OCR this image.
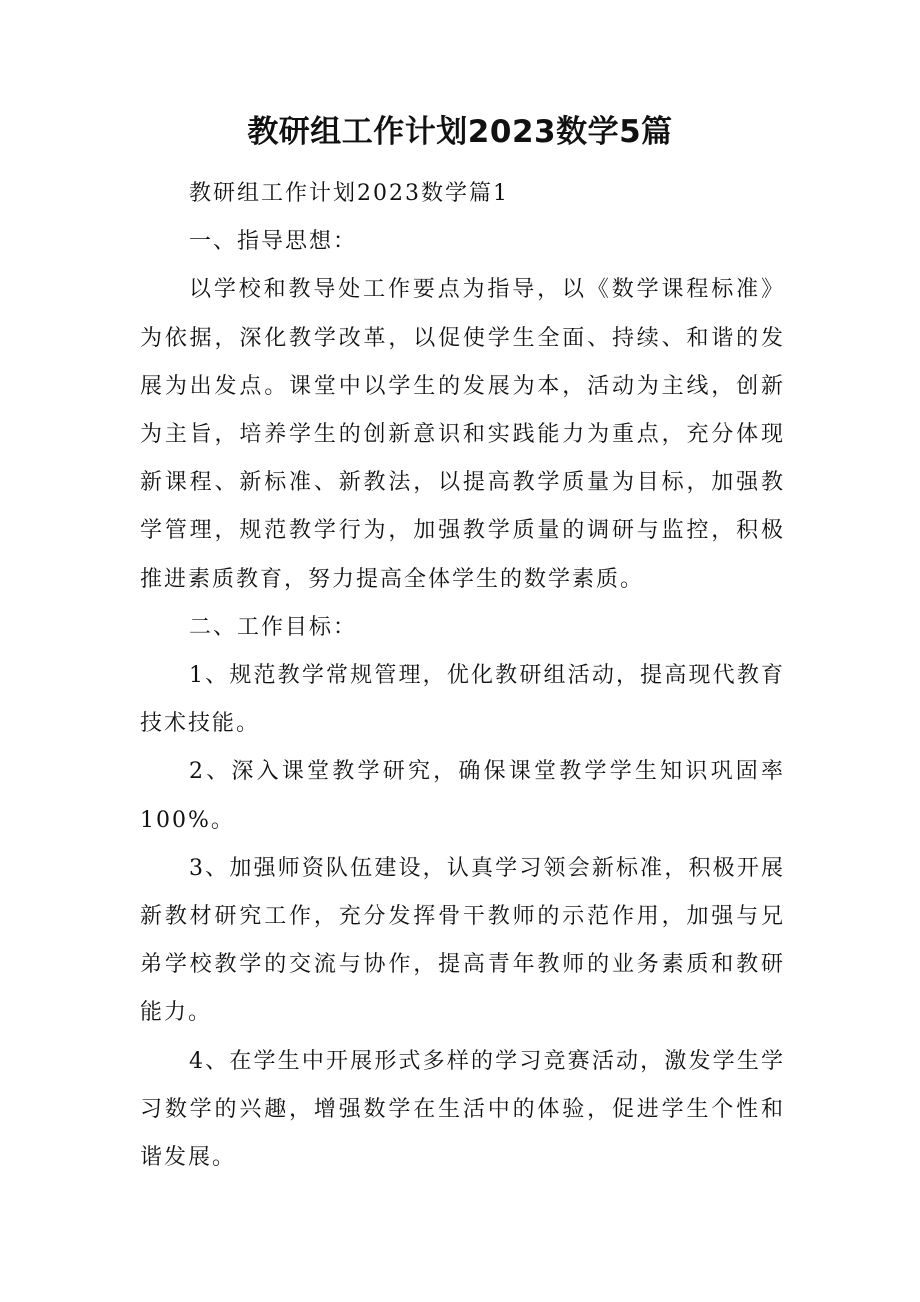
教研组工作计划2023数学5篇

教研组工作计划2023数学篇1

一、指导思想：

以学校和教导处工作要点为指导，以《数学课程标准》为依据，深化教学改革，以促使学生全面、持续、和谐的发展为出发点。课堂中以学生的发展为本，活动为主线，创新为主旨，培养学生的创新意识和实践能力为重点，充分体现新课程、新标准、新教法，以提高教学质量为目标，加强教学管理，规范教学行为，加强教学质量的调研与监控，积极推进素质教育，努力提高全体学生的数学素质。

二、工作目标：

1、规范教学常规管理，优化教研组活动，提高现代教育技术技能。

2、深入课堂教学研究，确保课堂教学学生知识巩固率100%。

3、加强师资队伍建设，认真学习领会新标准，积极开展新教材研究工作，充分发挥骨干教师的示范作用，加强与兄弟学校教学的交流与协作，提高青年教师的业务素质和教研能力。

4、在学生中开展形式多样的学习竞赛活动，激发学生学习数学的兴趣，增强数学在生活中的体验，促进学生个性和谐发展。
